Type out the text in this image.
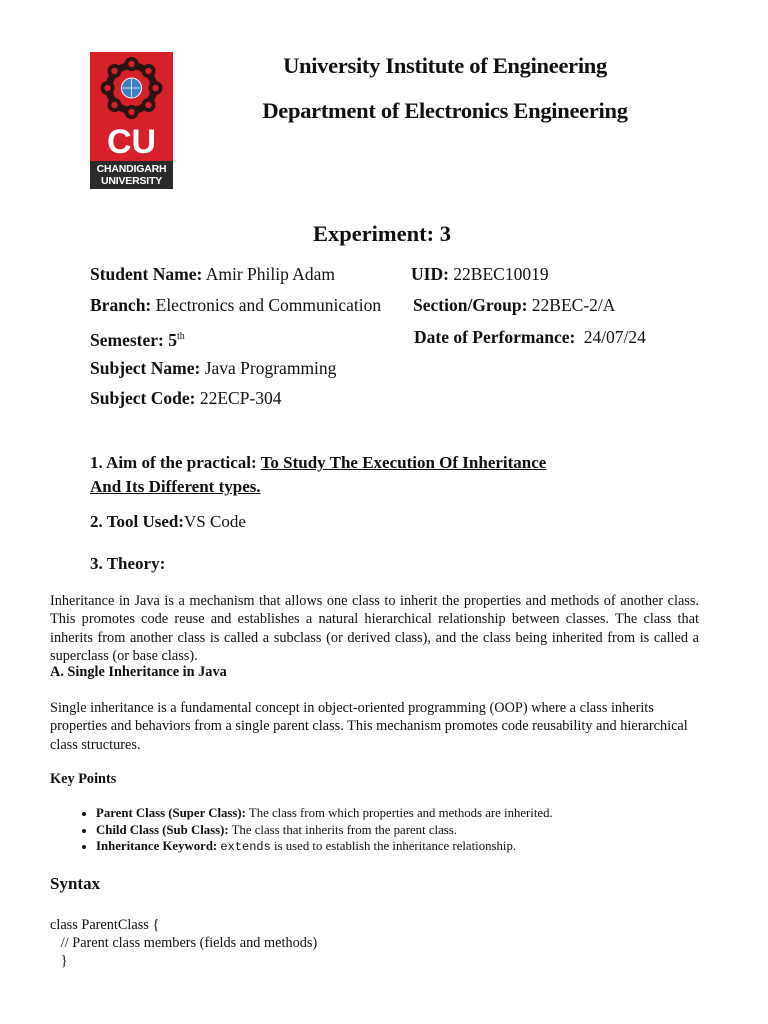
CU
CHANDIGARH
UNIVERSITY
University Institute of Engineering
Department of Electronics Engineering
Experiment: 3
Student Name: Amir Philip Adam	UID: 22BEC10019
Branch: Electronics and Communication Section/Group: 22BEC-2/A
Semester: 5th	Date of Performance: 24/07/24
Subject Name: Java Programming
Subject Code: 22ECP-304
1. Aim of the practical: To Study The Execution Of Inheritance
And Its Different types.
2. Tool Used:VS Code
3. Theory:
Inheritance in Java is a mechanism that allows one class to inherit the properties and methods of another class. This promotes code reuse and establishes a natural hierarchical relationship between classes. The class that inherits from another class is called a subclass (or derived class), and the class being inherited from is called a superclass (or base class).
A. Single Inheritance in Java
Single inheritance is a fundamental concept in object-oriented programming (OOP) where a class inherits properties and behaviors from a single parent class. This mechanism promotes code reusability and hierarchical class structures.
Key Points
• Parent Class (Super Class): The class from which properties and methods are inherited.
• Child Class (Sub Class): The class that inherits from the parent class.
• Inheritance Keyword: extends is used to establish the inheritance relationship.
Syntax
class ParentClass {
// Parent class members (fields and methods)
}
